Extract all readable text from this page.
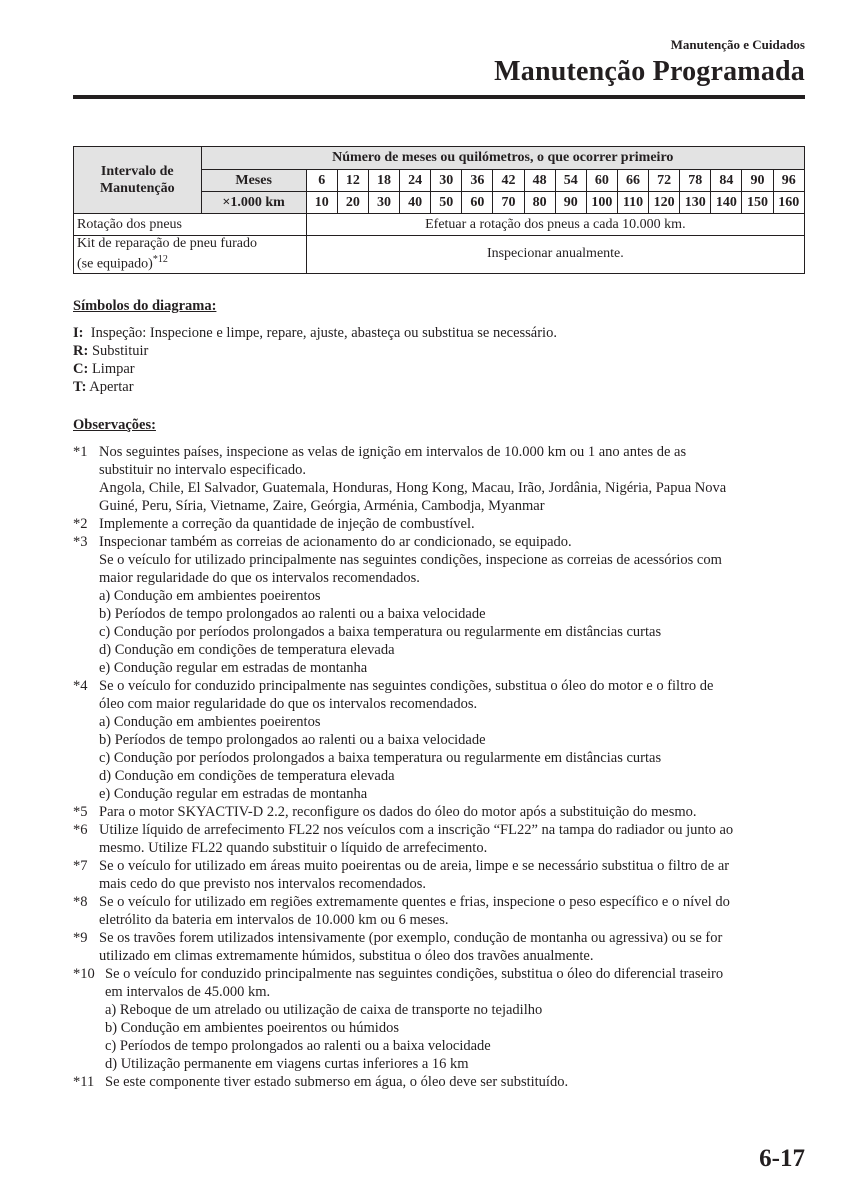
Manutenção e Cuidados
Manutenção Programada
Intervalo de
Manutenção	Número de meses ou quilómetros, o que ocorrer primeiro																
	Meses	6	12	18	24	30	36	42	48	54	60	66	72	78	84	90	96
	×1.000 km	10	20	30	40	50	60	70	80	90	100	110	120	130	140	150	160
Rotação dos pneus		Efetuar a rotação dos pneus a cada 10.000 km.															

Kit de reparação de pneu furado
(se equipado)$^{*12}$		Inspecionar anualmente.															
Símbolos do diagrama:
I: Inspeção: Inspecione e limpe, repare, ajuste, abasteça ou substitua se necessário.
R: Substituir
C: Limpar
T: Apertar
Observações:
*1 Nos seguintes países, inspecione as velas de ignição em intervalos de 10.000 km ou 1 ano antes de as
substituir no intervalo especificado.
Angola, Chile, El Salvador, Guatemala, Honduras, Hong Kong, Macau, Irão, Jordânia, Nigéria, Papua Nova
Guiné, Peru, Síria, Vietname, Zaire, Geórgia, Arménia, Cambodja, Myanmar
*2 Implemente a correção da quantidade de injeção de combustível.
*3 Inspecionar também as correias de acionamento do ar condicionado, se equipado.
Se o veículo for utilizado principalmente nas seguintes condições, inspecione as correias de acessórios com
maior regularidade do que os intervalos recomendados.
a) Condução em ambientes poeirentos
b) Períodos de tempo prolongados ao ralenti ou a baixa velocidade
c) Condução por períodos prolongados a baixa temperatura ou regularmente em distâncias curtas
d) Condução em condições de temperatura elevada
e) Condução regular em estradas de montanha
*4 Se o veículo for conduzido principalmente nas seguintes condições, substitua o óleo do motor e o filtro de
óleo com maior regularidade do que os intervalos recomendados.
a) Condução em ambientes poeirentos
b) Períodos de tempo prolongados ao ralenti ou a baixa velocidade
c) Condução por períodos prolongados a baixa temperatura ou regularmente em distâncias curtas
d) Condução em condições de temperatura elevada
e) Condução regular em estradas de montanha
*5 Para o motor SKYACTIV-D 2.2, reconfigure os dados do óleo do motor após a substituição do mesmo.
*6 Utilize líquido de arrefecimento FL22 nos veículos com a inscrição “FL22” na tampa do radiador ou junto ao
mesmo. Utilize FL22 quando substituir o líquido de arrefecimento.
*7 Se o veículo for utilizado em áreas muito poeirentas ou de areia, limpe e se necessário substitua o filtro de ar
mais cedo do que previsto nos intervalos recomendados.
*8 Se o veículo for utilizado em regiões extremamente quentes e frias, inspecione o peso específico e o nível do
eletrólito da bateria em intervalos de 10.000 km ou 6 meses.
*9 Se os travões forem utilizados intensivamente (por exemplo, condução de montanha ou agressiva) ou se for
utilizado em climas extremamente húmidos, substitua o óleo dos travões anualmente.
*10 Se o veículo for conduzido principalmente nas seguintes condições, substitua o óleo do diferencial traseiro
em intervalos de 45.000 km.
a) Reboque de um atrelado ou utilização de caixa de transporte no tejadilho
b) Condução em ambientes poeirentos ou húmidos
c) Períodos de tempo prolongados ao ralenti ou a baixa velocidade
d) Utilização permanente em viagens curtas inferiores a 16 km
*11 Se este componente tiver estado submerso em água, o óleo deve ser substituído.
6-17
